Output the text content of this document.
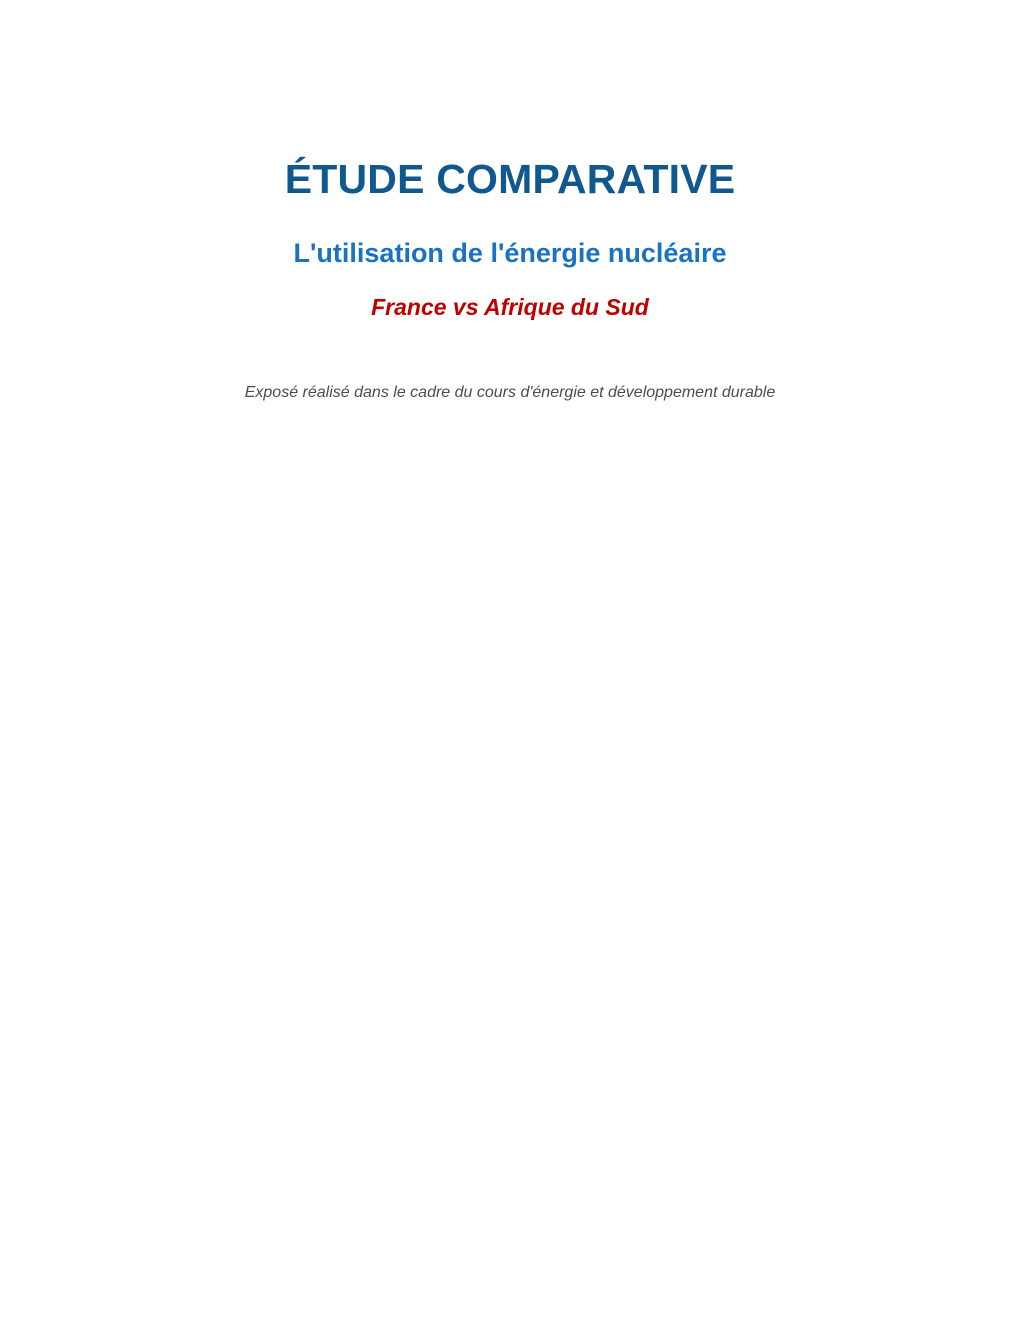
ÉTUDE COMPARATIVE
L'utilisation de l'énergie nucléaire
France vs Afrique du Sud

Exposé réalisé dans le cadre du cours d'énergie et développement durable
